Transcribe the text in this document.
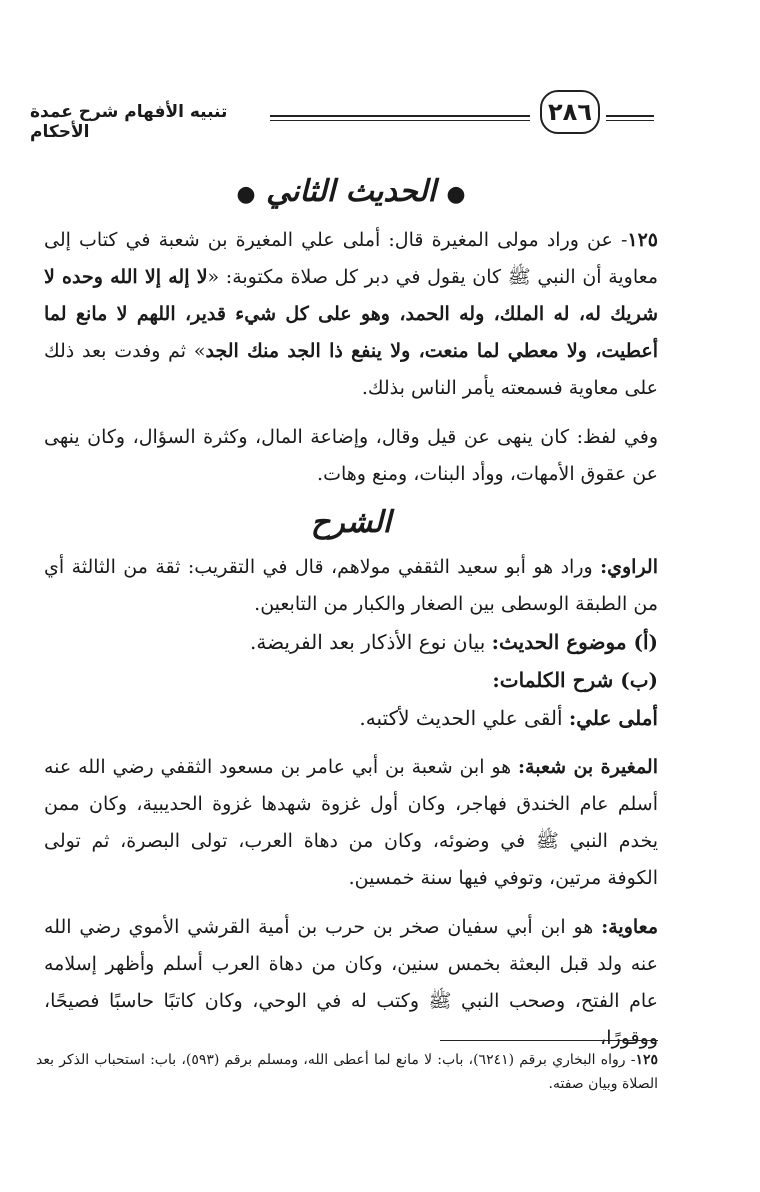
تنبيه الأفهام شرح عمدة الأحكام
٢٨٦
● الحديث الثاني ●

١٢٥- عن وراد مولى المغيرة قال: أملى علي المغيرة بن شعبة في كتاب إلى معاوية أن النبي ﷺ كان يقول في دبر كل صلاة مكتوبة: «لا إله إلا الله وحده لا شريك له، له الملك، وله الحمد، وهو على كل شيء قدير، اللهم لا مانع لما أعطيت، ولا معطي لما منعت، ولا ينفع ذا الجد منك الجد» ثم وفدت بعد ذلك على معاوية فسمعته يأمر الناس بذلك.

وفي لفظ: كان ينهى عن قيل وقال، وإضاعة المال، وكثرة السؤال، وكان ينهى عن عقوق الأمهات، ووأد البنات، ومنع وهات.

الشرح

الراوي: وراد هو أبو سعيد الثقفي مولاهم، قال في التقريب: ثقة من الثالثة أي من الطبقة الوسطى بين الصغار والكبار من التابعين.

(أ) موضوع الحديث: بيان نوع الأذكار بعد الفريضة.

(ب) شرح الكلمات:

أملى علي: ألقى علي الحديث لأكتبه.

المغيرة بن شعبة: هو ابن شعبة بن أبي عامر بن مسعود الثقفي رضي الله عنه أسلم عام الخندق فهاجر، وكان أول غزوة شهدها غزوة الحديبية، وكان ممن يخدم النبي ﷺ في وضوئه، وكان من دهاة العرب، تولى البصرة، ثم تولى الكوفة مرتين، وتوفي فيها سنة خمسين.

معاوية: هو ابن أبي سفيان صخر بن حرب بن أمية القرشي الأموي رضي الله عنه ولد قبل البعثة بخمس سنين، وكان من دهاة العرب أسلم وأظهر إسلامه عام الفتح، وصحب النبي ﷺ وكتب له في الوحي، وكان كاتبًا حاسبًا فصيحًا، ووقورًا،

١٢٥- رواه البخاري برقم (٦٢٤١)، باب: لا مانع لما أعطى الله، ومسلم برقم (٥٩٣)، باب: استحباب الذكر بعد الصلاة وبيان صفته.
